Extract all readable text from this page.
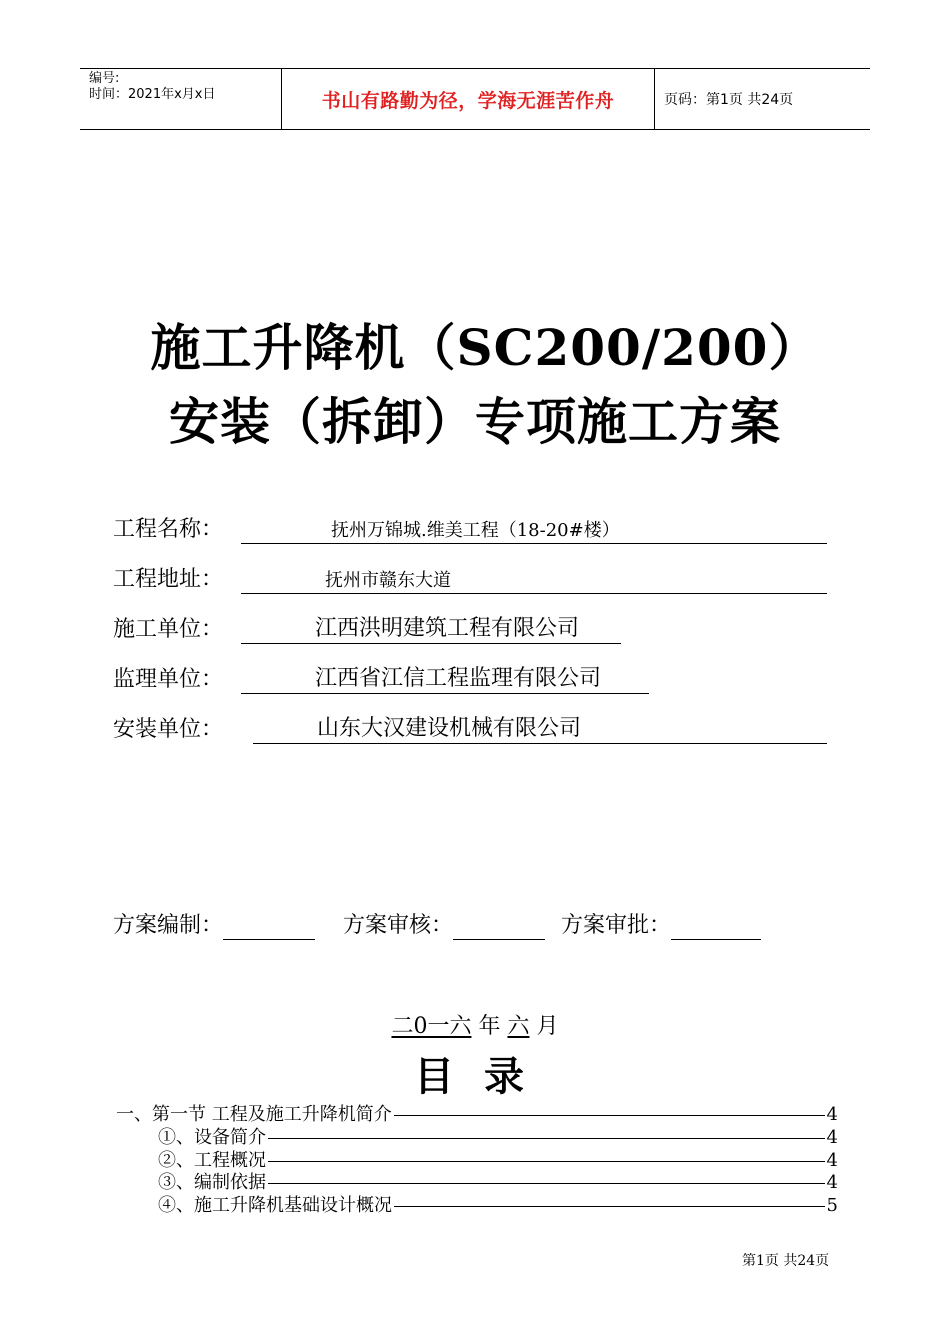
编号:
时间：2021年x月x日	书山有路勤为径，学海无涯苦作舟	页码：第1页 共24页
施工升降机（SC200/200）
安装（拆卸）专项施工方案
工程名称：	抚州万锦城.维美工程（18-20#楼）
工程地址：	抚州市赣东大道
施工单位：	江西洪明建筑工程有限公司
监理单位：	江西省江信工程监理有限公司
安装单位：	山东大汉建设机械有限公司
方案编制：	方案审核：	方案审批：
二0一六 年 六 月
目录
一、第一节 工程及施工升降机简介	4
①、设备简介	4
②、工程概况	4
③、编制依据	4
④、施工升降机基础设计概况	5
第1页 共24页
